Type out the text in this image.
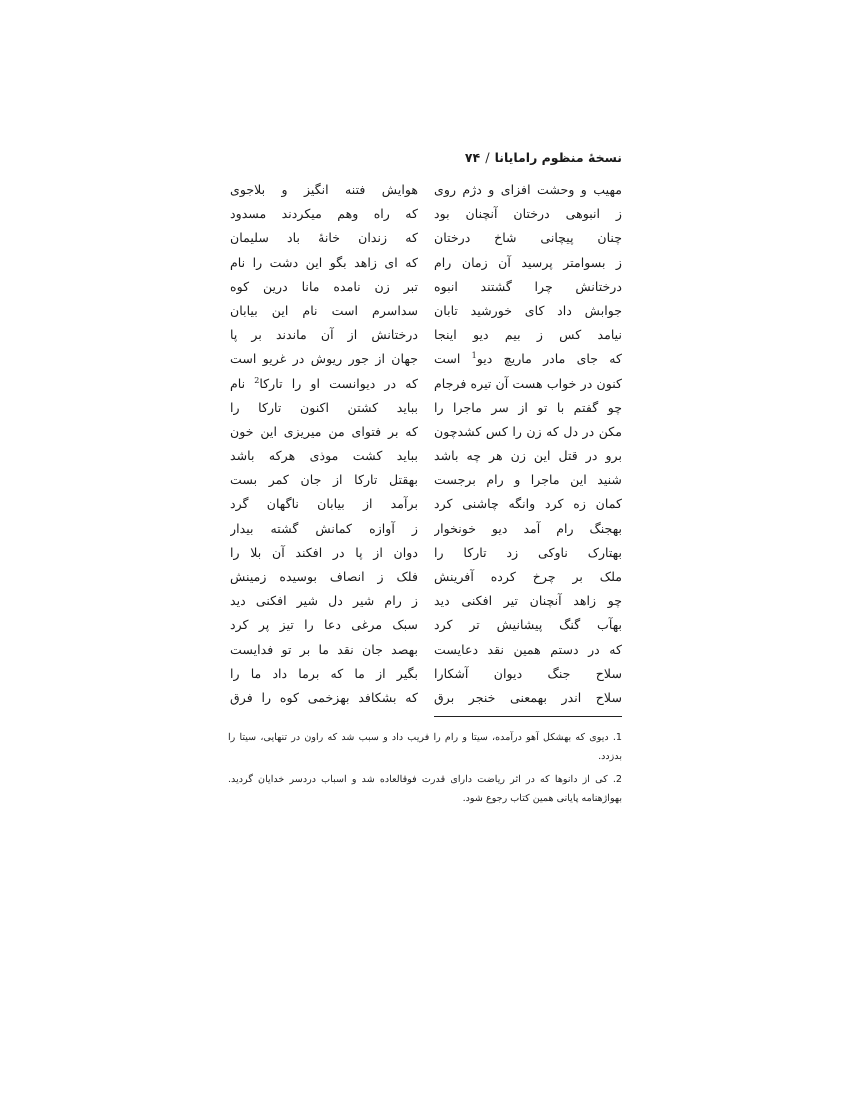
نسخهٔ منظوم رامایانا/۷۴
مهیب و وحشت افزای و دژم روی
ز انبوهی درختان آنچنان بود
چنان پیچانی شاخ درختان
ز بسوامتر پرسید آن زمان رام
درختانش چرا گشتند انبوه
جوابش داد کای خورشید تابان
نیامد کس ز بیم دیو اینجا
که جای مادر ماریچ دیو$^1$ است
کنون در خواب هست آن تیره فرجام
چو گفتم با تو از سر ماجرا را
مکن در دل که زن را کس کشدچون
برو در قتل این زن هر چه باشد
شنید این ماجرا و رام برجست
کمان زه کرد وانگه چاشنی کرد
بهجنگ رام آمد دیو خونخوار
بهتارک ناوکی زد تارکا را
ملک بر چرخ کرده آفرینش
چو زاهد آنچنان تیر افکنی دید
بهآب گنگ پیشانیش تر کرد
که در دستم همین نقد دعایست
سلاح جنگ دیوان آشکارا
سلاح اندر بهمعنی خنجر برق
هوایش فتنه انگیز و بلاجوی
که راه وهم میکردند مسدود
که زندان خانهٔ باد سلیمان
که ای زاهد بگو این دشت را نام
تبر زن نامده مانا درین کوه
سداسرم است نام این بیابان
درختانش از آن ماندند بر پا
جهان از جور ریوش در غریو است
که در دیوانست او را تارکا$^2$ نام
بباید کشتن اکنون تارکا را
که بر فتوای من میریزی این خون
بباید کشت موذی هرکه باشد
بهقتل تارکا از جان کمر بست
برآمد از بیابان ناگهان گرد
ز آوازه کمانش گشته بیدار
دوان از پا در افکند آن بلا را
فلک ز انصاف بوسیده زمینش
ز رام شیر دل شیر افکنی دید
سبک مرغی دعا را تیز پر کرد
بهصد جان نقد ما بر تو فدایست
بگیر از ما که برما داد ما را
که بشکافد بهزخمی کوه را فرق
1. دیوی که بهشکل آهو درآمده، سیتا و رام را فریب داد و سبب شد که راون در تنهایی، سیتا را بدزدد.
2. کی از دانوها که در اثر ریاضت دارای قدرت فوقالعاده شد و اسباب دردسر خدایان گردید. بهواژهنامه پایانی همین کتاب رجوع شود.
